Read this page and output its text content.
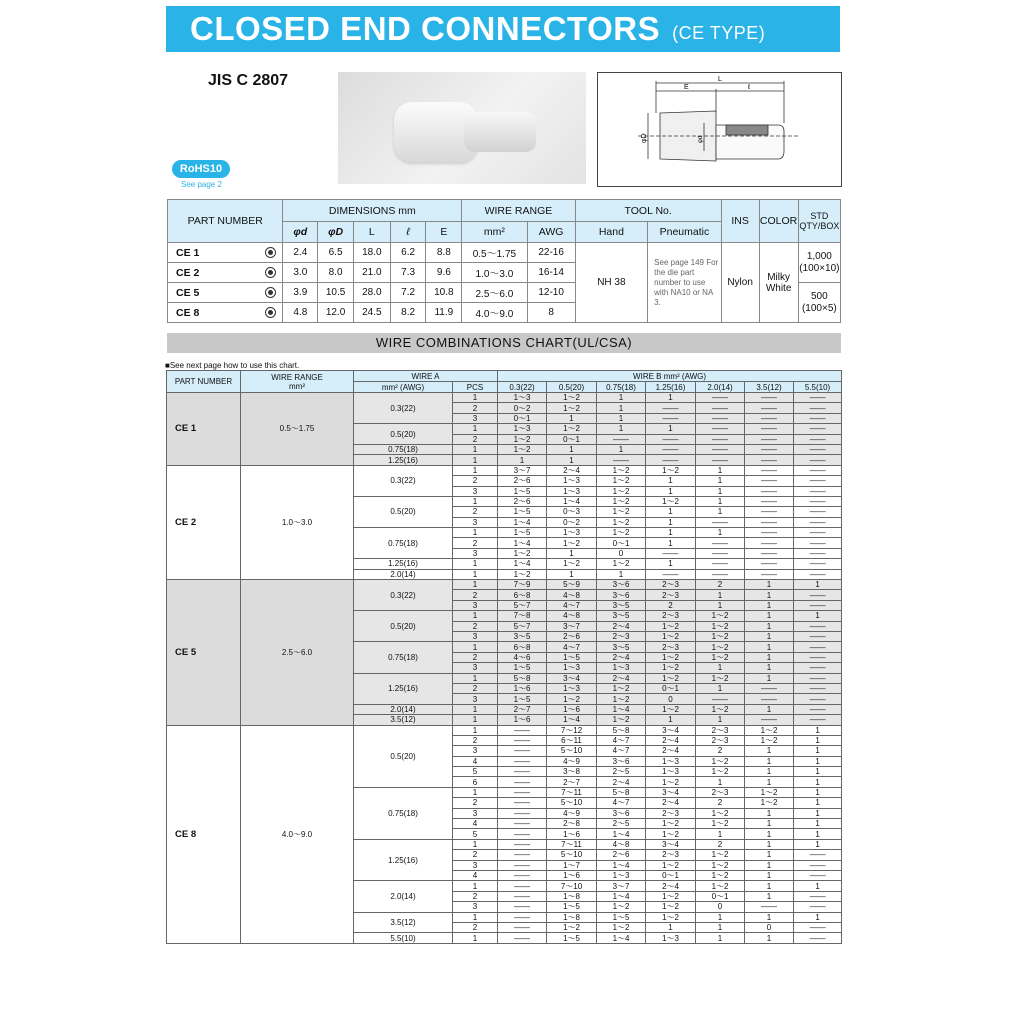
CLOSED END CONNECTORS (CE TYPE)
JIS C 2807	L
E	ℓ
φD	φd
RoHS10
See page 2
PART NUMBER	DIMENSIONS mm					WIRE RANGE		TOOL No.		INS	COLOR	STD QTY/BOX
	φd	φD	L	ℓ	E	mm²	AWG	Hand	Pneumatic			
CE 1	2.4	6.5	18.0	6.2	8.8	0.5〜1.75	22-16	NH 38	See page 149 For the die part number to use with NA10 or NA 3.	Nylon	Milky White	1,000
(100×10)
CE 2	3.0	8.0	21.0	7.3	9.6	1.0〜3.0	16-14					
CE 5	3.9	10.5	28.0	7.2	10.8	2.5〜6.0	12-10					500
(100×5)
CE 8	4.8	12.0	24.5	8.2	11.9	4.0〜9.0	8					
WIRE COMBINATIONS CHART(UL/CSA)
■See next page how to use this chart.
PART NUMBER	WIRE RANGE
mm²	WIRE A		WIRE B mm² (AWG)						
		mm² (AWG)	PCS	0.3(22)	0.5(20)	0.75(18)	1.25(16)	2.0(14)	3.5(12)	5.5(10)
CE 1	0.5〜1.75	0.3(22)	1	1〜3	1〜2	1	1	――	――	――
			2	0〜2	1〜2	1	――	――	――	――
			3	0〜1	1	1	――	――	――	――
		0.5(20)	1	1〜3	1〜2	1	1	――	――	――
			2	1〜2	0〜1	――	――	――	――	――
		0.75(18)	1	1〜2	1	1	――	――	――	――
		1.25(16)	1	1	1	――	――	――	――	――
CE 2	1.0〜3.0	0.3(22)	1	3〜7	2〜4	1〜2	1〜2	1	――	――
			2	2〜6	1〜3	1〜2	1	1	――	――
			3	1〜5	1〜3	1〜2	1	1	――	――
		0.5(20)	1	2〜6	1〜4	1〜2	1〜2	1	――	――
			2	1〜5	0〜3	1〜2	1	1	――	――
			3	1〜4	0〜2	1〜2	1	――	――	――
		0.75(18)	1	1〜5	1〜3	1〜2	1	1	――	――
			2	1〜4	1〜2	0〜1	1	――	――	――
			3	1〜2	1	0	――	――	――	――
		1.25(16)	1	1〜4	1〜2	1〜2	1	――	――	――
		2.0(14)	1	1〜2	1	1	――	――	――	――
CE 5	2.5〜6.0	0.3(22)	1	7〜9	5〜9	3〜6	2〜3	2	1	1
			2	6〜8	4〜8	3〜6	2〜3	1	1	――
			3	5〜7	4〜7	3〜5	2	1	1	――
		0.5(20)	1	7〜8	4〜8	3〜5	2〜3	1〜2	1	1
			2	5〜7	3〜7	2〜4	1〜2	1〜2	1	――
			3	3〜5	2〜6	2〜3	1〜2	1〜2	1	――
		0.75(18)	1	6〜8	4〜7	3〜5	2〜3	1〜2	1	――
			2	4〜6	1〜5	2〜4	1〜2	1〜2	1	――
			3	1〜5	1〜3	1〜3	1〜2	1	1	――
		1.25(16)	1	5〜8	3〜4	2〜4	1〜2	1〜2	1	――
			2	1〜6	1〜3	1〜2	0〜1	1	――	――
			3	1〜5	1〜2	1〜2	0	――	――	――
		2.0(14)	1	2〜7	1〜6	1〜4	1〜2	1〜2	1	――
		3.5(12)	1	1〜6	1〜4	1〜2	1	1	――	――
CE 8	4.0〜9.0	0.5(20)	1	――	7〜12	5〜8	3〜4	2〜3	1〜2	1
			2	――	6〜11	4〜7	2〜4	2〜3	1〜2	1
			3	――	5〜10	4〜7	2〜4	2	1	1
			4	――	4〜9	3〜6	1〜3	1〜2	1	1
			5	――	3〜8	2〜5	1〜3	1〜2	1	1
			6	――	2〜7	2〜4	1〜2	1	1	1
		0.75(18)	1	――	7〜11	5〜8	3〜4	2〜3	1〜2	1
			2	――	5〜10	4〜7	2〜4	2	1〜2	1
			3	――	4〜9	3〜6	2〜3	1〜2	1	1
			4	――	2〜8	2〜5	1〜2	1〜2	1	1
			5	――	1〜6	1〜4	1〜2	1	1	1
		1.25(16)	1	――	7〜11	4〜8	3〜4	2	1	1
			2	――	5〜10	2〜6	2〜3	1〜2	1	――
			3	――	1〜7	1〜4	1〜2	1〜2	1	――
			4	――	1〜6	1〜3	0〜1	1〜2	1	――
		2.0(14)	1	――	7〜10	3〜7	2〜4	1〜2	1	1
			2	――	1〜8	1〜4	1〜2	0〜1	1	――
			3	――	1〜5	1〜2	1〜2	0	――	――
		3.5(12)	1	――	1〜8	1〜5	1〜2	1	1	1
			2	――	1〜2	1〜2	1	1	0	――
		5.5(10)	1	――	1〜5	1〜4	1〜3	1	1	――
